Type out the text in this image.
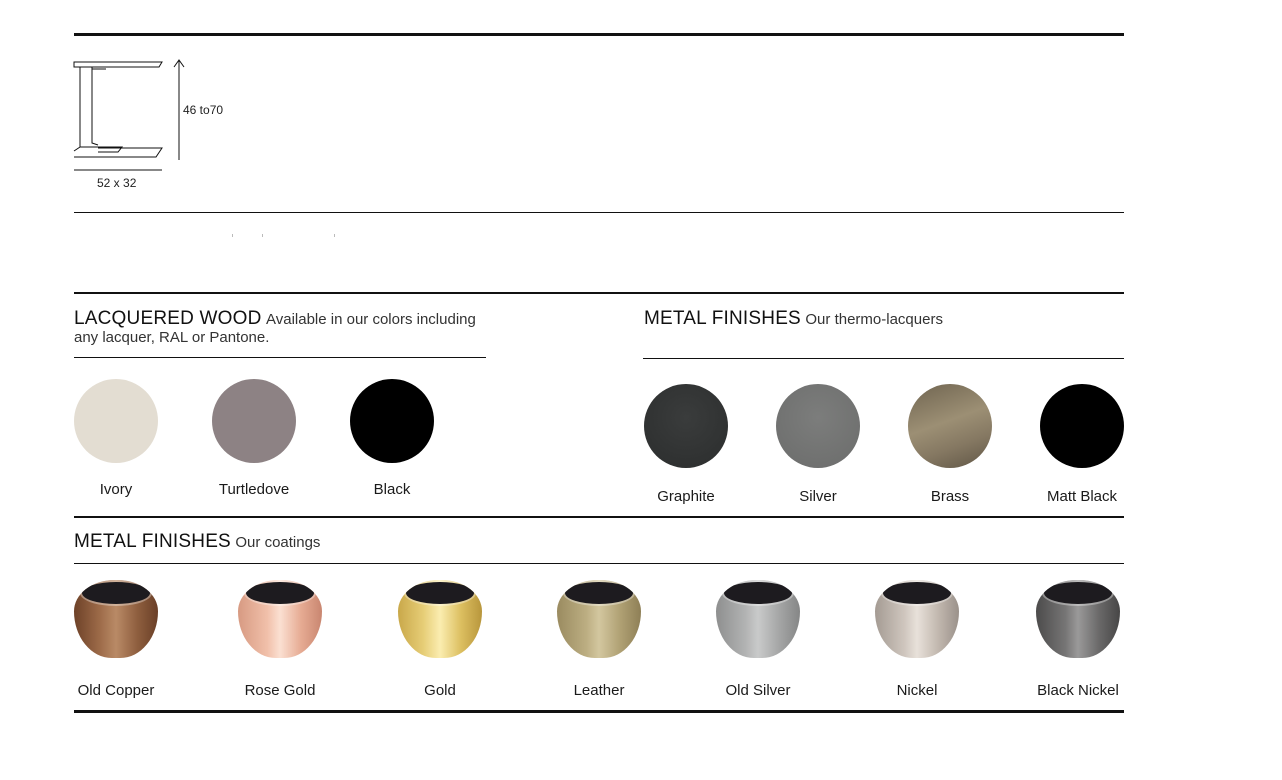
46 to70
52 x 32
LACQUERED WOOD Available in our colors including
any lacquer, RAL or Pantone.
Ivory	Turtledove	Black
METAL FINISHES Our thermo-lacquers
Graphite	Silver	Brass	Matt Black
METAL FINISHES Our coatings
Old Copper	Rose Gold	Gold	Leather	Old Silver	Nickel	Black Nickel
